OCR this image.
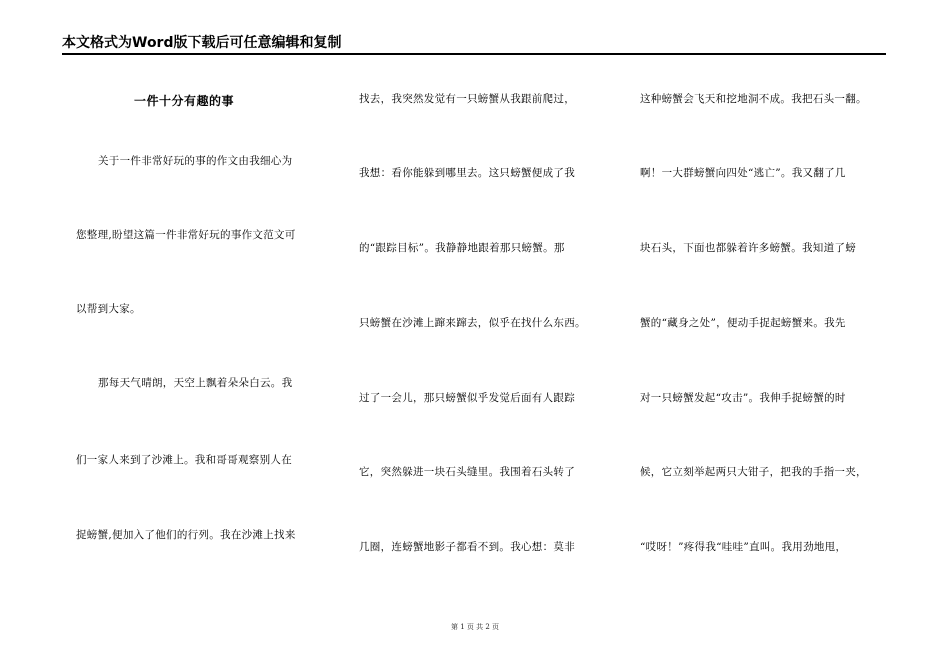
本文格式为Word版下载后可任意编辑和复制
一件十分有趣的事
关于一件非常好玩的事的作文由我细心为
您整理,盼望这篇一件非常好玩的事作文范文可
以帮到大家。
那每天气晴朗，天空上飘着朵朵白云。我
们一家人来到了沙滩上。我和哥哥观察别人在
捉螃蟹,便加入了他们的行列。我在沙滩上找来
找去，我突然发觉有一只螃蟹从我跟前爬过，
我想：看你能躲到哪里去。这只螃蟹便成了我
的“跟踪目标”。我静静地跟着那只螃蟹。那
只螃蟹在沙滩上蹿来蹿去，似乎在找什么东西。
过了一会儿，那只螃蟹似乎发觉后面有人跟踪
它，突然躲进一块石头缝里。我围着石头转了
几圈，连螃蟹地影子都看不到。我心想：莫非
这种螃蟹会飞天和挖地洞不成。我把石头一翻。
啊！一大群螃蟹向四处“逃亡”。我又翻了几
块石头，下面也都躲着许多螃蟹。我知道了螃
蟹的“藏身之处”，便动手捉起螃蟹来。我先
对一只螃蟹发起“攻击”。我伸手捉螃蟹的时
候，它立刻举起两只大钳子，把我的手指一夹，
“哎呀！”疼得我“哇哇”直叫。我用劲地甩，
第 1 页 共 2 页
